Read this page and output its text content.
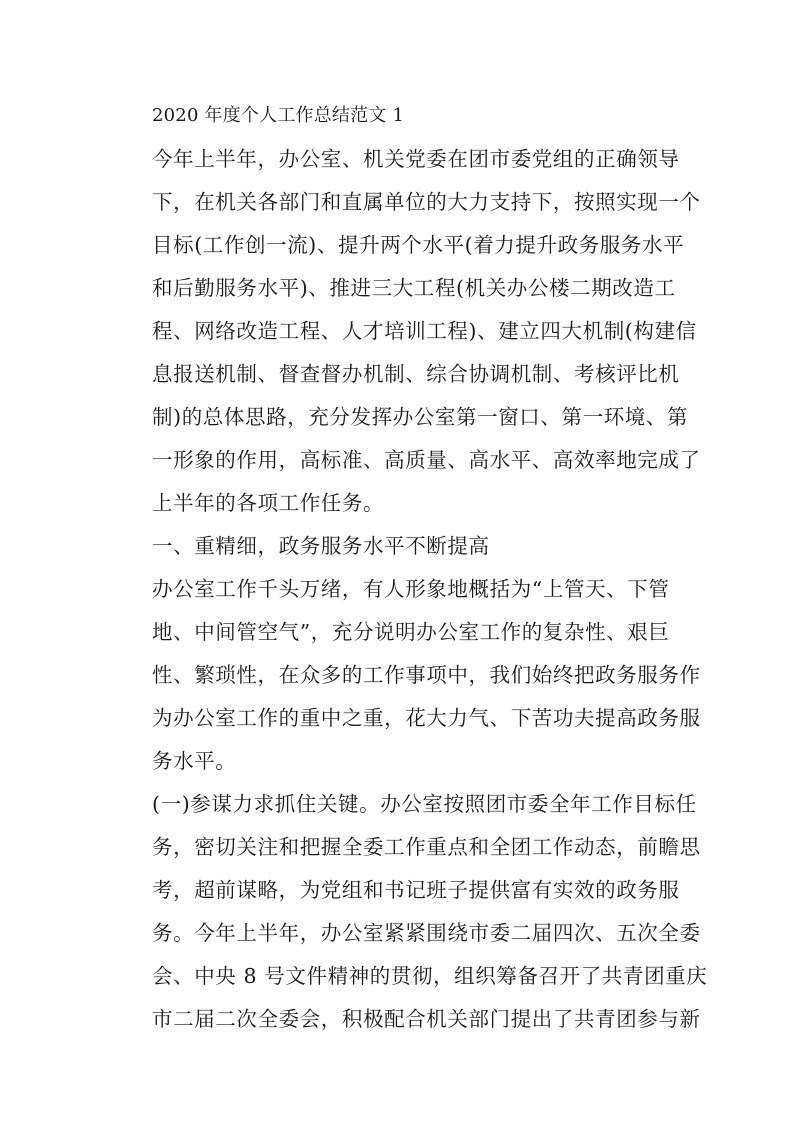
2020 年度个人工作总结范文 1
今年上半年，办公室、机关党委在团市委党组的正确领导
下，在机关各部门和直属单位的大力支持下，按照实现一个
目标(工作创一流)、提升两个水平(着力提升政务服务水平
和后勤服务水平)、推进三大工程(机关办公楼二期改造工
程、网络改造工程、人才培训工程)、建立四大机制(构建信
息报送机制、督查督办机制、综合协调机制、考核评比机
制)的总体思路，充分发挥办公室第一窗口、第一环境、第
一形象的作用，高标准、高质量、高水平、高效率地完成了
上半年的各项工作任务。
一、重精细，政务服务水平不断提高
办公室工作千头万绪，有人形象地概括为“上管天、下管
地、中间管空气”，充分说明办公室工作的复杂性、艰巨
性、繁琐性，在众多的工作事项中，我们始终把政务服务作
为办公室工作的重中之重，花大力气、下苦功夫提高政务服
务水平。
(一)参谋力求抓住关键。办公室按照团市委全年工作目标任
务，密切关注和把握全委工作重点和全团工作动态，前瞻思
考，超前谋略，为党组和书记班子提供富有实效的政务服
务。今年上半年，办公室紧紧围绕市委二届四次、五次全委
会、中央 8 号文件精神的贯彻，组织筹备召开了共青团重庆
市二届二次全委会，积极配合机关部门提出了共青团参与新
